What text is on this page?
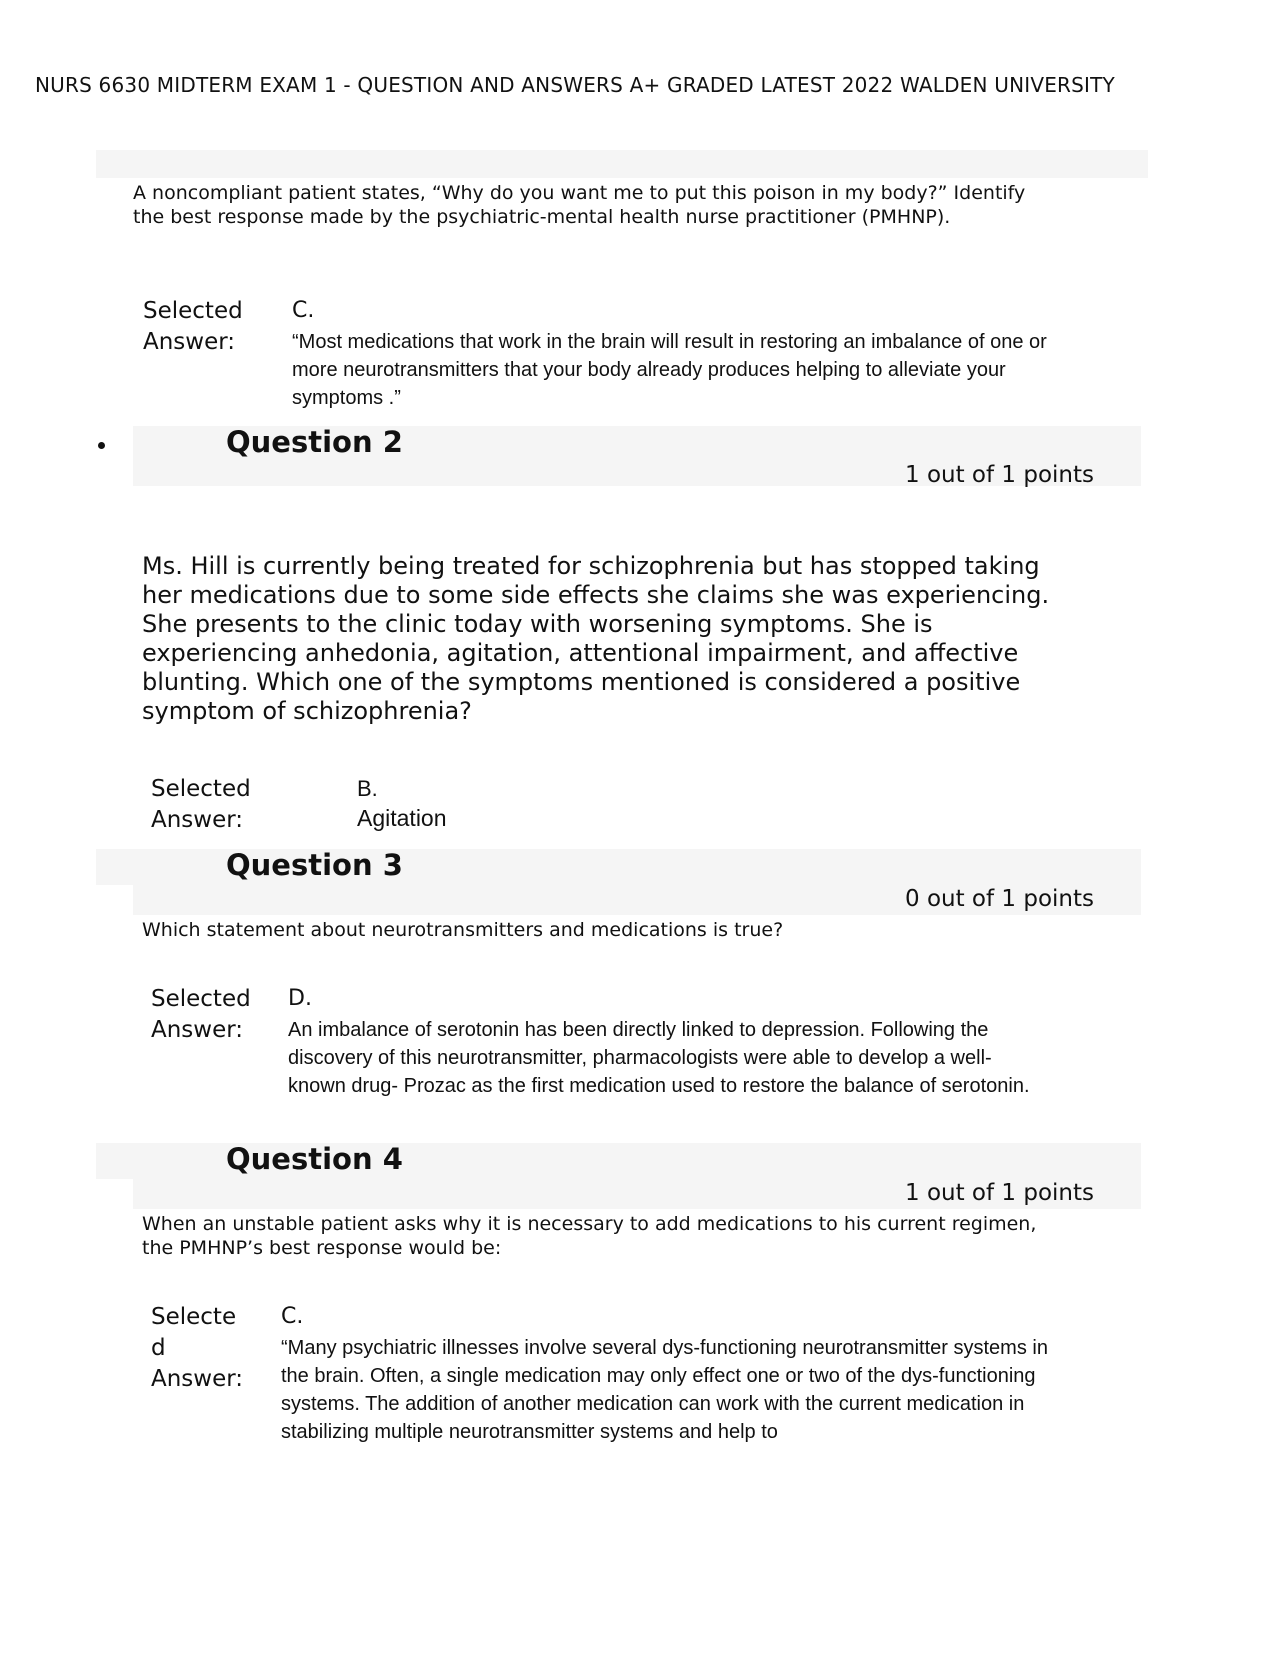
NURS 6630 MIDTERM EXAM 1 - QUESTION AND ANSWERS A+ GRADED LATEST 2022 WALDEN UNIVERSITY
A noncompliant patient states, “Why do you want me to put this poison in my body?” Identify the best response made by the psychiatric-mental health nurse practitioner (PMHNP).
Selected Answer:
C.
“Most medications that work in the brain will result in restoring an imbalance of one or more neurotransmitters that your body already produces helping to alleviate your symptoms .”
Question 2
1 out of 1 points
Ms. Hill is currently being treated for schizophrenia but has stopped taking her medications due to some side effects she claims she was experiencing. She presents to the clinic today with worsening symptoms. She is experiencing anhedonia, agitation, attentional impairment, and affective blunting. Which one of the symptoms mentioned is considered a positive symptom of schizophrenia?
Selected Answer:
B.
Agitation
Question 3
0 out of 1 points
Which statement about neurotransmitters and medications is true?
Selected Answer:
D.
An imbalance of serotonin has been directly linked to depression. Following the discovery of this neurotransmitter, pharmacologists were able to develop a well-known drug- Prozac as the first medication used to restore the balance of serotonin.
Question 4
1 out of 1 points
When an unstable patient asks why it is necessary to add medications to his current regimen, the PMHNP’s best response would be:
Selecte d Answer:
C.
“Many psychiatric illnesses involve several dys-functioning neurotransmitter systems in the brain. Often, a single medication may only effect one or two of the dys-functioning systems. The addition of another medication can work with the current medication in stabilizing multiple neurotransmitter systems and help to
